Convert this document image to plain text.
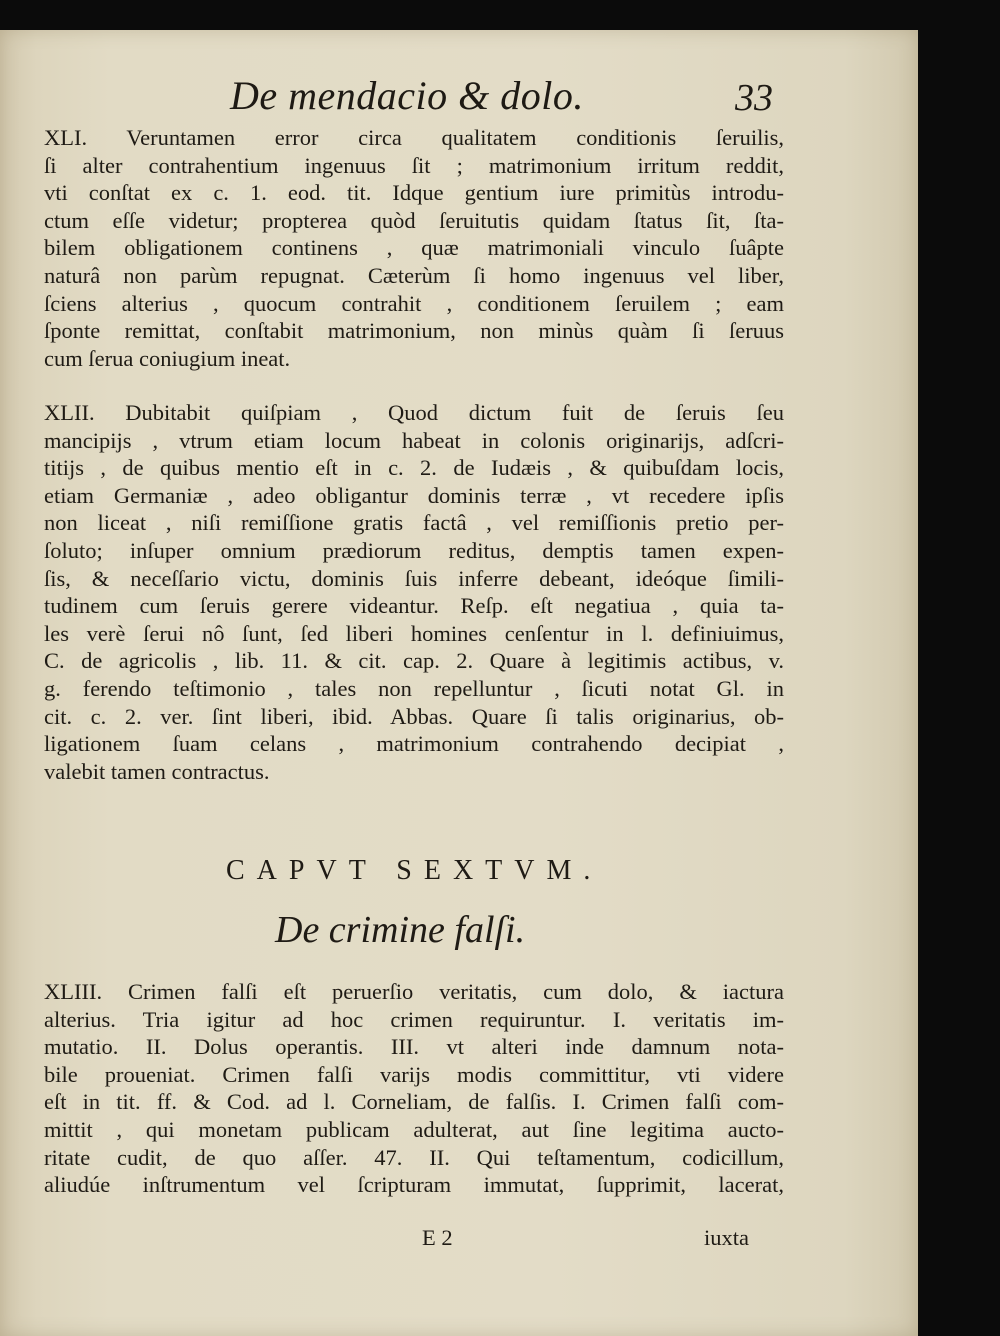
De mendacio & dolo.	33
XLI. Veruntamen error circa qualitatem conditionis ſeruilis,
ſi alter contrahentium ingenuus ſit ; matrimonium irritum reddit,
vti conſtat ex c. 1. eod. tit. Idque gentium iure primitùs introdu-
ctum eſſe videtur; propterea quòd ſeruitutis quidam ſtatus ſit, ſta-
bilem obligationem continens , quæ matrimoniali vinculo ſuâpte
naturâ non parùm repugnat. Cæterùm ſi homo ingenuus vel liber,
ſciens alterius , quocum contrahit , conditionem ſeruilem ; eam
ſponte remittat, conſtabit matrimonium, non minùs quàm ſi ſeruus
cum ſerua coniugium ineat.
XLII. Dubitabit quiſpiam , Quod dictum fuit de ſeruis ſeu
mancipijs , vtrum etiam locum habeat in colonis originarijs, adſcri-
titijs , de quibus mentio eſt in c. 2. de Iudæis , & quibuſdam locis,
etiam Germaniæ , adeo obligantur dominis terræ , vt recedere ipſis
non liceat , niſi remiſſione gratis factâ , vel remiſſionis pretio per-
ſoluto; inſuper omnium prædiorum reditus, demptis tamen expen-
ſis, & neceſſario victu, dominis ſuis inferre debeant, ideóque ſimili-
tudinem cum ſeruis gerere videantur. Reſp. eſt negatiua , quia ta-
les verè ſerui nô ſunt, ſed liberi homines cenſentur in l. definiuimus,
C. de agricolis , lib. 11. & cit. cap. 2. Quare à legitimis actibus, v.
g. ferendo teſtimonio , tales non repelluntur , ſicuti notat Gl. in
cit. c. 2. ver. ſint liberi, ibid. Abbas. Quare ſi talis originarius, ob-
ligationem ſuam celans , matrimonium contrahendo decipiat ,
valebit tamen contractus.
CAPVT SEXTVM.
De crimine falſi.
XLIII. Crimen falſi eſt peruerſio veritatis, cum dolo, & iactura
alterius. Tria igitur ad hoc crimen requiruntur. I. veritatis im-
mutatio. II. Dolus operantis. III. vt alteri inde damnum nota-
bile proueniat. Crimen falſi varijs modis committitur, vti videre
eſt in tit. ff. & Cod. ad l. Corneliam, de falſis. I. Crimen falſi com-
mittit , qui monetam publicam adulterat, aut ſine legitima aucto-
ritate cudit, de quo aſſer. 47. II. Qui teſtamentum, codicillum,
aliudúe inſtrumentum vel ſcripturam immutat, ſupprimit, lacerat,
E 2	iuxta
